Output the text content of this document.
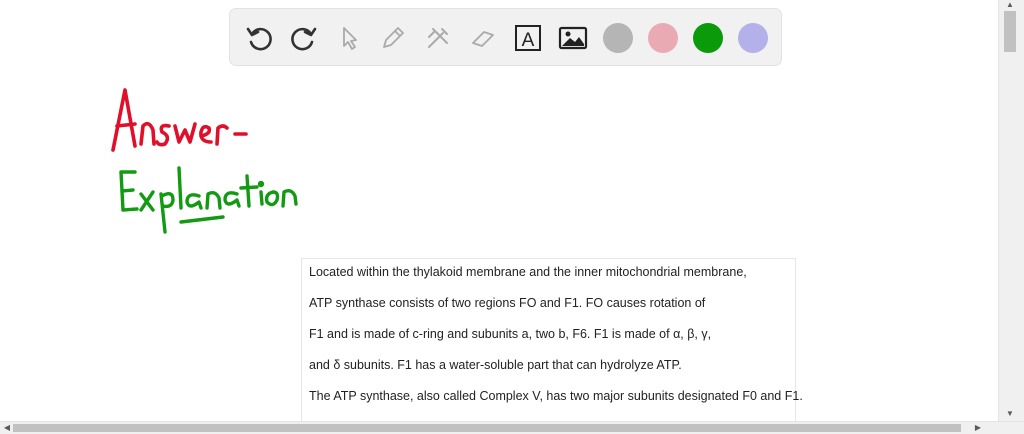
A
Located within the thylakoid membrane and the inner mitochondrial membrane,
ATP synthase consists of two regions FO and F1. FO causes rotation of
F1 and is made of c-ring and subunits a, two b, F6. F1 is made of α, β, γ,
and δ subunits. F1 has a water-soluble part that can hydrolyze ATP.
The ATP synthase, also called Complex V, has two major subunits designated F0 and F1.
▲
▼
◀	▶
